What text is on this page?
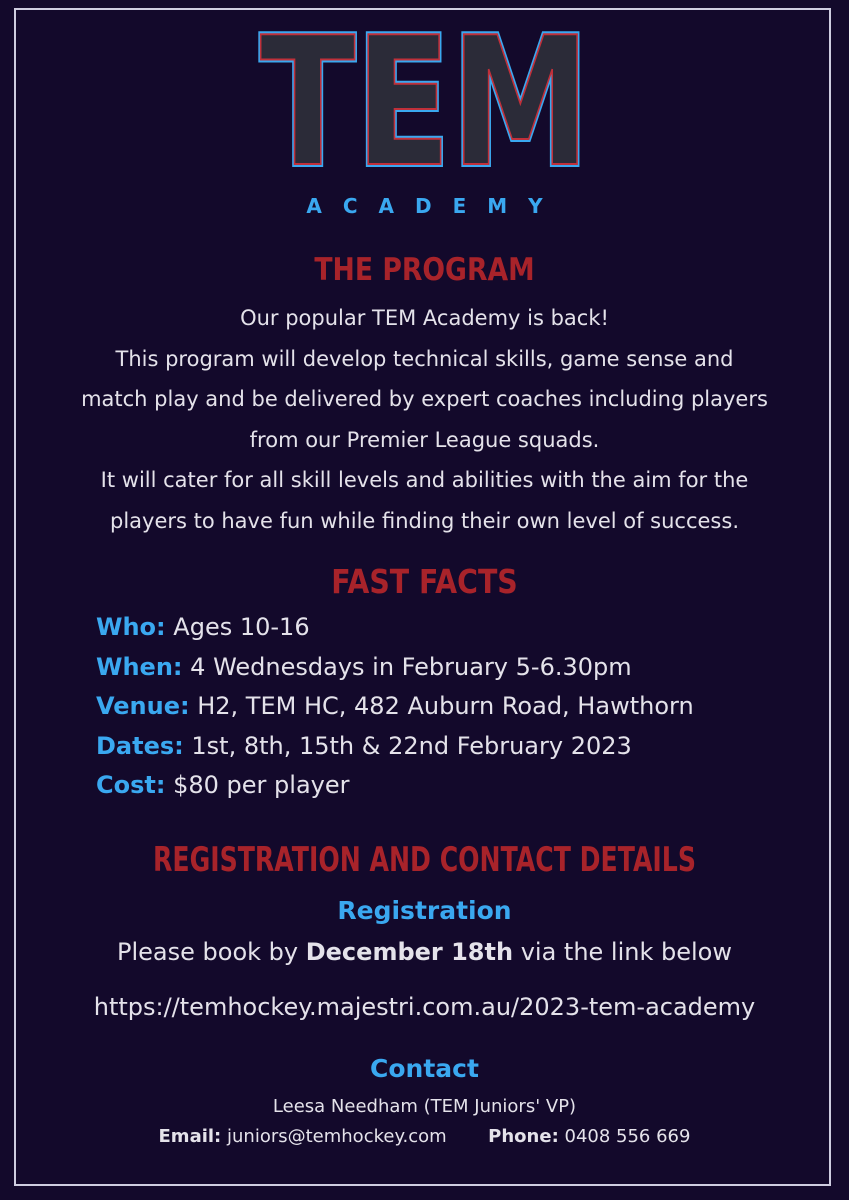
TEM
TEM
ACADEMY
THE PROGRAM
Our popular TEM Academy is back!
This program will develop technical skills, game sense and
match play and be delivered by expert coaches including players
from our Premier League squads.
It will cater for all skill levels and abilities with the aim for the
players to have fun while finding their own level of success.
FAST FACTS
Who: Ages 10-16
When: 4 Wednesdays in February 5-6.30pm
Venue: H2, TEM HC, 482 Auburn Road, Hawthorn
Dates: 1st, 8th, 15th & 22nd February 2023
Cost: $80 per player
REGISTRATION AND CONTACT DETAILS
Registration
Please book by December 18th via the link below
https://temhockey.majestri.com.au/2023-tem-academy
Contact
Leesa Needham (TEM Juniors' VP)
Email: juniors@temhockey.com Phone: 0408 556 669
